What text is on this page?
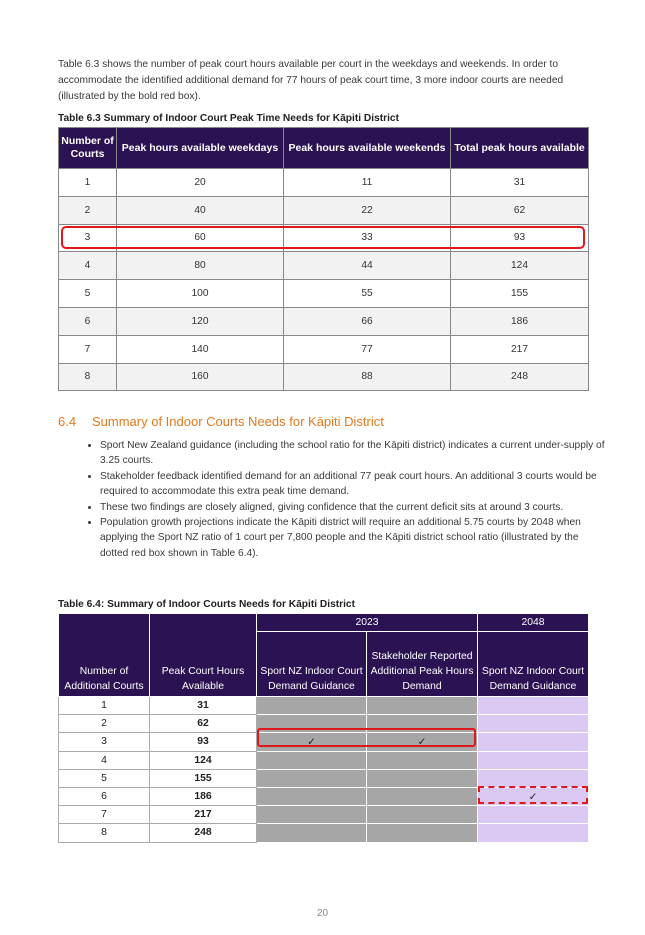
Table 6.3 shows the number of peak court hours available per court in the weekdays and weekends. In order to accommodate the identified additional demand for 77 hours of peak court time, 3 more indoor courts are needed (illustrated by the bold red box).

Table 6.3 Summary of Indoor Court Peak Time Needs for Kāpiti District
Number of Courts	Peak hours available weekdays	Peak hours available weekends	Total peak hours available
1	20	11	31
2	40	22	62
3	60	33	93
4	80	44	124
5	100	55	155
6	120	66	186
7	140	77	217
8	160	88	248
6.4 Summary of Indoor Courts Needs for Kāpiti District
• Sport New Zealand guidance (including the school ratio for the Kāpiti district) indicates a current under-supply of 3.25 courts.
• Stakeholder feedback identified demand for an additional 77 peak court hours. An additional 3 courts would be required to accommodate this extra peak time demand.
• These two findings are closely aligned, giving confidence that the current deficit sits at around 3 courts.
• Population growth projections indicate the Kāpiti district will require an additional 5.75 courts by 2048 when applying the Sport NZ ratio of 1 court per 7,800 people and the Kāpiti district school ratio (illustrated by the dotted red box shown in Table 6.4).
Table 6.4: Summary of Indoor Courts Needs for Kāpiti District
Number of Additional Courts	Peak Court Hours Available	2023		2048
		Sport NZ Indoor Court Demand Guidance	Stakeholder Reported Additional Peak Hours Demand	Sport NZ Indoor Court Demand Guidance
1	31			
2	62			
3	93	✓	✓	
4	124			
5	155			
6	186			✓
7	217			
8	248			
20
